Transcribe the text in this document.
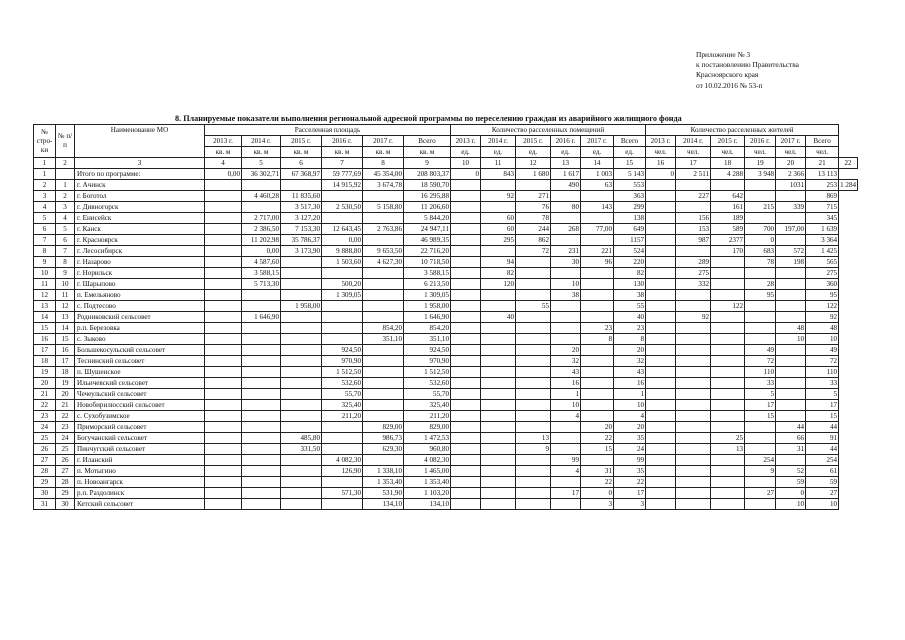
Приложение № 3
к постановлению Правительства
Красноярского края
от 10.02.2016 № 53-п
8. Планируемые показатели выполнения региональной адресной программы по переселению граждан из аварийного жилищного фонда
№ стро-ки	№ п/п	Наименование МО	Расселенная площадь						Количество расселенных помещений						Количество расселенных жителей						
			2013 г.	2014 г.	2015 г.	2016 г.	2017 г.	Всего	2013 г.	2014 г.	2015 г.	2016 г.	2017 г.	Всего	2013 г.	2014 г.	2015 г.	2016 г.	2017 г.	Всего	
			кв. м	кв. м	кв. м	кв. м	кв. м	кв. м	ед.	ед.	ед.	ед.	ед.	ед.	чел.	чел.	чел.	чел.	чел.	чел.	
1	2	3	4	5	6	7	8	9	10	11	12	13	14	15	16	17	18	19	20	21	22
1		Итого по программе:	0,00	36 302,71	67 368,97	59 777,69	45 354,00	208 803,37	0	843	1 680	1 617	1 003	5 143	0	2 511	4 288	3 948	2 366	13 113	
2	1	г. Ачинск				14 915,92	3 674,78	18 590,70				490	63	553					1031	253	1 284
3	2	г. Боготол		4 460,28	11 835,60			16 295,88		92	271			363		227	642			869	
4	3	г. Дивногорск			3 517,30	2 530,50	5 158,80	11 206,60			76	80	143	299			161	215	339	715	
5	4	г. Енисейск		2 717,00	3 127,20			5 844,20		60	78			138		156	189			345	
6	5	г. Канск		2 386,50	7 153,30	12 643,45	2 763,86	24 947,11		60	244	268	77,00	649		153	589	700	197,00	1 639	
7	6	г. Красноярск		11 202,98	35 786,37	0,00		46 989,35		295	862			1157		987	2377	0		3 364	
8	7	г. Лесосибирск		0,00	3 173,90	9 888,80	9 653,50	22 716,20			72	231	221	524			170	683	572	1 425	
9	8	г. Назарово		4 587,60		1 503,60	4 627,30	10 718,50		94		30	96	220		289		78	198	565	
10	9	г. Норильск		3 588,15				3 588,15		82				82		275				275	
11	10	г. Шарыпово		5 713,30		500,20		6 213,50		120		10		130		332		28		360	
12	11	п. Емельяново				1 309,05		1 309,05				38		38				95		95	
13	12	с. Подтесово			1 958,00			1 958,00			55			55			122			122	
14	13	Родниковский сельсовет		1 646,90				1 646,90		40				40		92				92	
15	14	р.п. Березовка					854,20	854,20					23	23					48	48	
16	15	с. Зыково					351,10	351,10					8	8					10	10	
17	16	Большекосульский сельсовет				924,50		924,50				20		20				49		49	
18	17	Теснинский сельсовет				970,90		970,90				32		32				72		72	
19	18	п. Шушенское				1 512,50		1 512,50				43		43				110		110	
20	19	Ильичевский сельсовет				532,60		532,60				16		16				33		33	
21	20	Чечеульский сельсовет				55,70		55,70				1		1				5		5	
22	21	Новобирилюсский сельсовет				325,40		325,40				10		10				17		17	
23	22	с. Сухобузимское				211,20		211,20				4		4				15		15	
24	23	Приморский сельсовет					829,00	829,00					20	20					44	44	
25	24	Богучанский сельсовет			485,80		986,73	1 472,53			13		22	35			25		66	91	
26	25	Пинчугский сельсовет			331,50		629,30	960,80			9		15	24			13		31	44	
27	26	г. Иланский				4 082,30		4 082,30				99		99				254		254	
28	27	п. Мотыгино				126,90	1 338,10	1 465,00				4	31	35				9	52	61	
29	28	п. Новоангарск					1 353,40	1 353,40					22	22					59	59	
30	29	р.п. Раздолинск				571,30	531,90	1 103,20				17	0	17				27	0	27	
31	30	Кетский сельсовет					134,10	134,10					3	3					10	10	
